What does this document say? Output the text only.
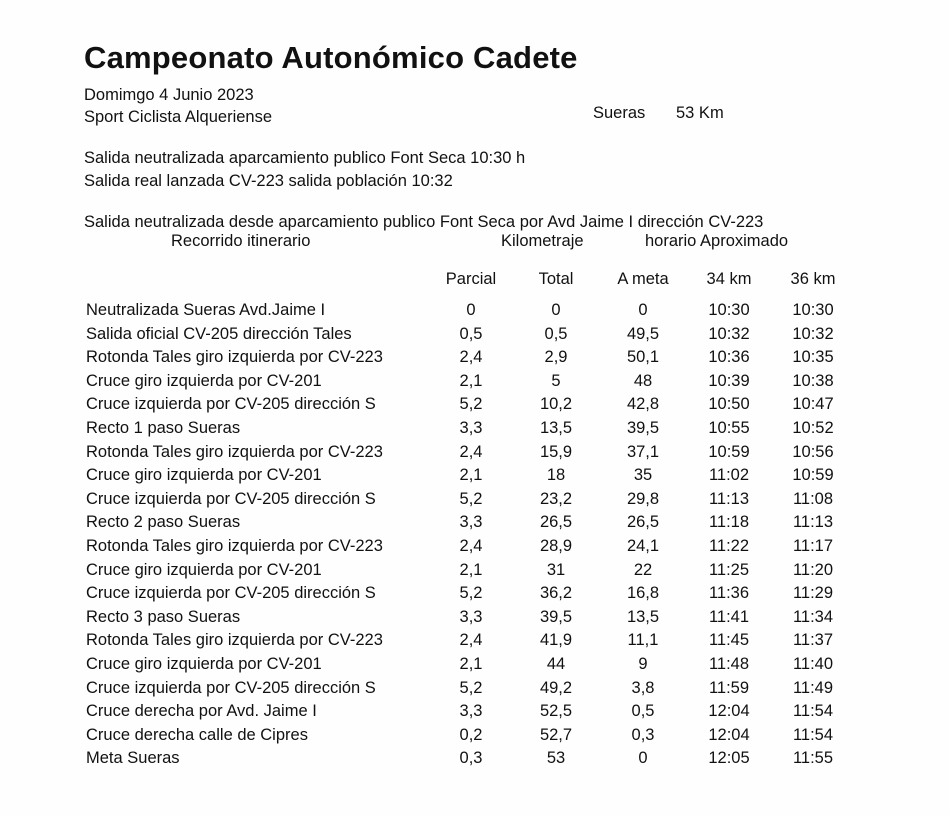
Campeonato Autonómico Cadete
Domimgo 4 Junio 2023
Sport Ciclista Alqueriense	Sueras 53 Km
Salida neutralizada aparcamiento publico Font Seca 10:30 h
Salida real lanzada CV-223 salida población 10:32
Salida neutralizada desde aparcamiento publico Font Seca por Avd Jaime I dirección CV-223
Recorrido itinerario	Kilometraje	horario Aproximado
	Parcial	Total	A meta	34 km	36 km
Neutralizada Sueras Avd.Jaime I	0	0	0	10:30	10:30
Salida oficial CV-205 dirección Tales	0,5	0,5	49,5	10:32	10:32
Rotonda Tales giro izquierda por CV-223	2,4	2,9	50,1	10:36	10:35
Cruce giro izquierda por CV-201	2,1	5	48	10:39	10:38
Cruce izquierda por CV-205 dirección S	5,2	10,2	42,8	10:50	10:47
Recto 1 paso Sueras	3,3	13,5	39,5	10:55	10:52
Rotonda Tales giro izquierda por CV-223	2,4	15,9	37,1	10:59	10:56
Cruce giro izquierda por CV-201	2,1	18	35	11:02	10:59
Cruce izquierda por CV-205 dirección S	5,2	23,2	29,8	11:13	11:08
Recto 2 paso Sueras	3,3	26,5	26,5	11:18	11:13
Rotonda Tales giro izquierda por CV-223	2,4	28,9	24,1	11:22	11:17
Cruce giro izquierda por CV-201	2,1	31	22	11:25	11:20
Cruce izquierda por CV-205 dirección S	5,2	36,2	16,8	11:36	11:29
Recto 3 paso Sueras	3,3	39,5	13,5	11:41	11:34
Rotonda Tales giro izquierda por CV-223	2,4	41,9	11,1	11:45	11:37
Cruce giro izquierda por CV-201	2,1	44	9	11:48	11:40
Cruce izquierda por CV-205 dirección S	5,2	49,2	3,8	11:59	11:49
Cruce derecha por Avd. Jaime I	3,3	52,5	0,5	12:04	11:54
Cruce derecha calle de Cipres	0,2	52,7	0,3	12:04	11:54
Meta Sueras	0,3	53	0	12:05	11:55
